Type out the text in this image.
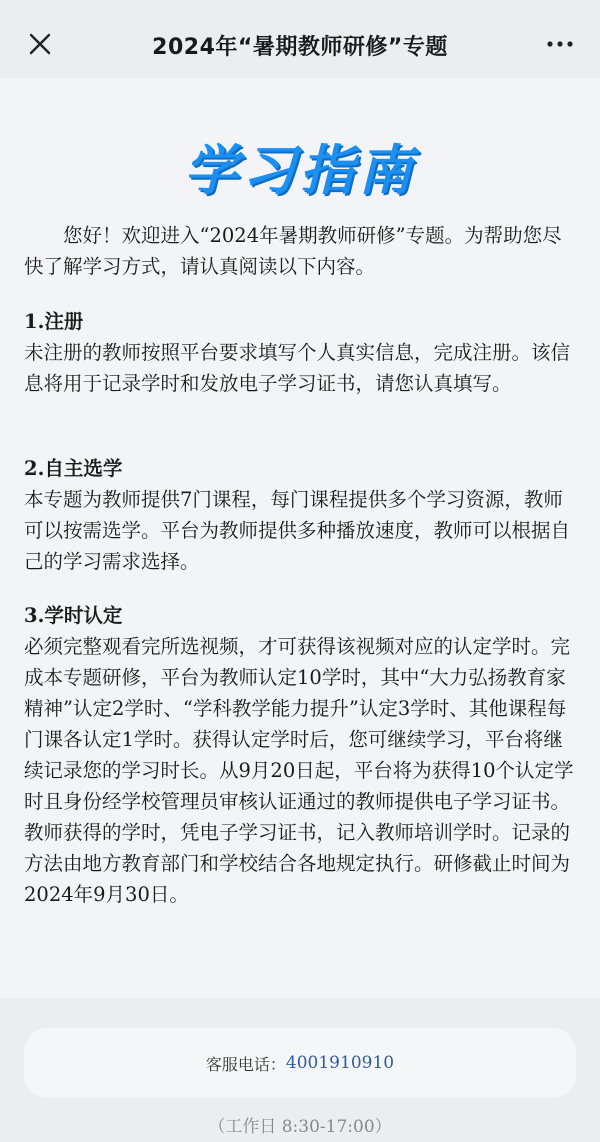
2024年“暑期教师研修”专题
学习指南

您好！欢迎进入“2024年暑期教师研修”专题。为帮助您尽快了解学习方式，请认真阅读以下内容。

1.注册

未注册的教师按照平台要求填写个人真实信息，完成注册。该信息将用于记录学时和发放电子学习证书，请您认真填写。

2.自主选学

本专题为教师提供7门课程，每门课程提供多个学习资源，教师可以按需选学。平台为教师提供多种播放速度，教师可以根据自己的学习需求选择。

3.学时认定

必须完整观看完所选视频，才可获得该视频对应的认定学时。完成本专题研修，平台为教师认定10学时，其中“大力弘扬教育家精神”认定2学时、“学科教学能力提升”认定3学时、其他课程每门课各认定1学时。获得认定学时后，您可继续学习，平台将继续记录您的学习时长。从9月20日起，平台将为获得10个认定学时且身份经学校管理员审核认证通过的教师提供电子学习证书。教师获得的学时，凭电子学习证书，记入教师培训学时。记录的方法由地方教育部门和学校结合各地规定执行。研修截止时间为2024年9月30日。

客服电话： 4001910910
（工作日 8:30-17:00）
